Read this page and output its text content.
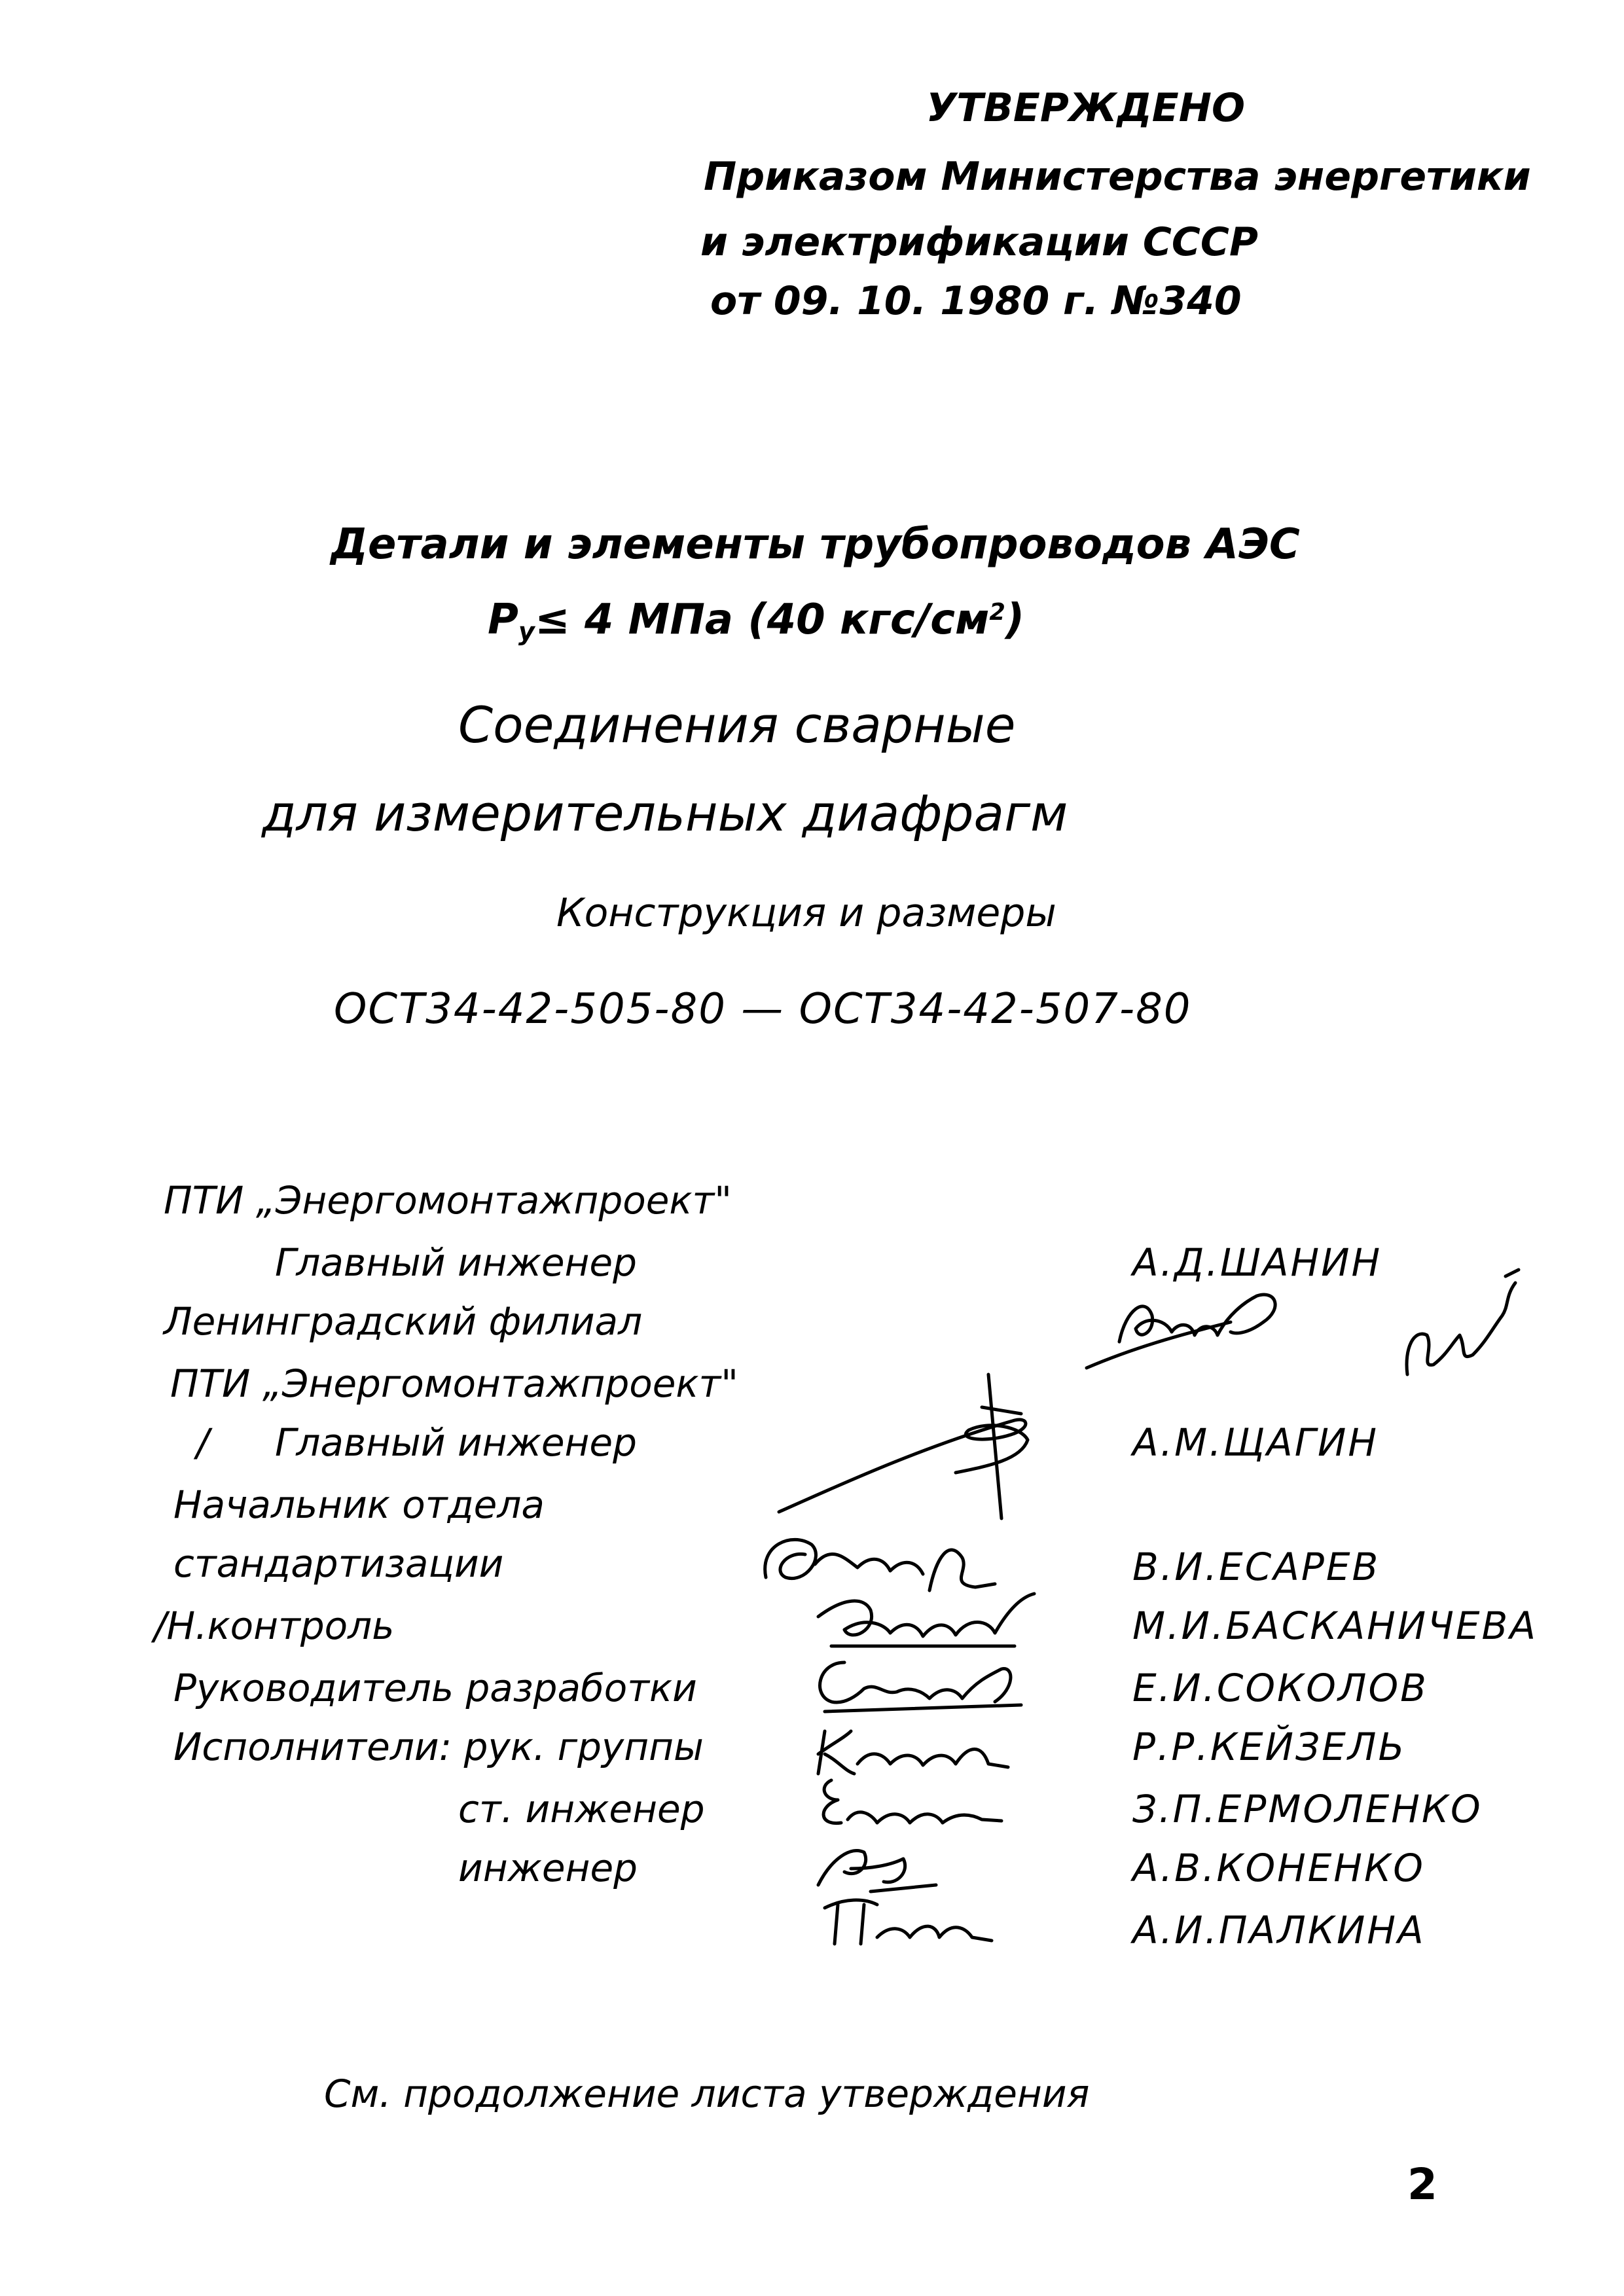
УТВЕРЖДЕНО
Приказом Министерства энергетики
и электрификации СССР
от 09. 10. 1980 г. №340
Детали и элементы трубопроводов АЭС
$P_y\le 4$ МПа (40 кгс/$см^2$)
Соединения сварные
для измерительных диафрагм
Конструкция и размеры
ОСТ34-42-505-80 — ОСТ34-42-507-80
ПТИ „Энергомонтажпроект"
Главный инженер
Ленинградский филиал
ПТИ „Энергомонтажпроект"
/ Главный инженер
Начальник отдела
стандартизации
/Н.контроль
Руководитель разработки
Исполнители: рук. группы
ст. инженер
инженер
А.Д.ШАНИН
А.М.ЩАГИН
В.И.ЕСАРЕВ
М.И.БАСКАНИЧЕВА
Е.И.СОКОЛОВ
Р.Р.КЕЙЗЕЛЬ
З.П.ЕРМОЛЕНКО
А.В.КОНЕНКО
А.И.ПАЛКИНА
См. продолжение листа утверждения
2
